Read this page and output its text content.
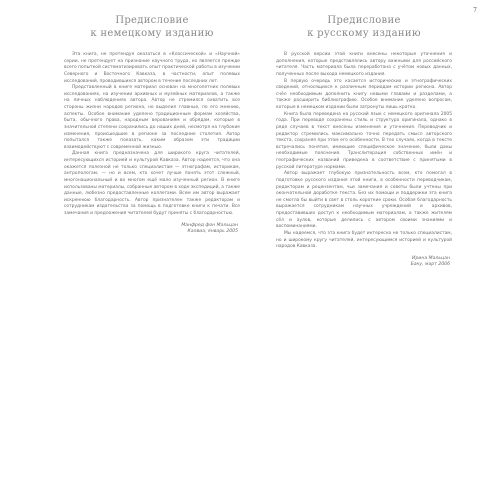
7
Предисловие
к немецкому изданию

Эта книга, не претендуя оказаться в «Классической» и «Научной» серии, не претендует на признание научного труда, но является прежде всего попыткой систематизировать опыт практической работы в изучении Северного и Восточного Кавказа, в частности, опыт полевых исследований, проводившихся автором в течение последних лет.

Представленный в книге материал основан на многолетних полевых исследованиях, на изучении архивных и музейных материалов, а также на личных наблюдениях автора. Автор не стремился охватить все стороны жизни народов региона, но выделил главные, по его мнению, аспекты. Особое внимание уделено традиционным формам хозяйства, быта, обычного права, народным верованиям и обрядам, которые в значительной степени сохранились до наших дней, несмотря на глубокие изменения, происшедшие в регионе за последние столетия. Автор попытался также показать, каким образом эти традиции взаимодействуют с современной жизнью.

Данная книга предназначена для широкого круга читателей, интересующихся историей и культурой Кавказа. Автор надеется, что она окажется полезной не только специалистам — этнографам, историкам, антропологам, — но и всем, кто хочет лучше понять этот сложный, многонациональный и во многом ещё мало изученный регион. В книге использованы материалы, собранные автором в ходе экспедиций, а также данные, любезно предоставленные коллегами. Всем им автор выражает искреннюю благодарность. Автор признателен также редакторам и сотрудникам издательства за помощь в подготовке книги к печати. Все замечания и предложения читателей будут приняты с благодарностью.

Манфред фон Мальцан
Калвиа, январь 2005
Предисловие
к русскому изданию

В русской версии этой книги внесены некоторые уточнения и дополнения, которые представлялись автору важными для российского читателя. Часть материала была переработана с учётом новых данных, полученных после выхода немецкого издания.

В первую очередь это касается исторических и этнографических сведений, относящихся к различным периодам истории региона. Автор счёл необходимым дополнить книгу новыми главами и разделами, а также расширить библиографию. Особое внимание уделено вопросам, которые в немецком издании были затронуты лишь кратко.

Книга была переведена на русский язык с немецкого оригинала 2005 года. При переводе сохранены стиль и структура оригинала, однако в ряде случаев в текст внесены изменения и уточнения. Переводчик и редактор стремились максимально точно передать смысл авторского текста, сохраняя при этом его особенности. В тех случаях, когда в тексте встречались понятия, имеющие специфическое значение, были даны необходимые пояснения. Транслитерация собственных имён и географических названий приведена в соответствие с принятыми в русской литературе нормами.

Автор выражает глубокую признательность всем, кто помогал в подготовке русского издания этой книги, в особенности переводчикам, редакторам и рецензентам, чьи замечания и советы были учтены при окончательной доработке текста. Без их помощи и поддержки эта книга не смогла бы выйти в свет в столь короткие сроки. Особая благодарность выражается сотрудникам научных учреждений и архивов, предоставивших доступ к необходимым материалам, а также жителям сёл и аулов, которые делились с автором своими знаниями и воспоминаниями.

Мы надеемся, что эта книга будет интересна не только специалистам, но и широкому кругу читателей, интересующимся историей и культурой народов Кавказа.

Ирина Мальцан
Баку, март 2006
